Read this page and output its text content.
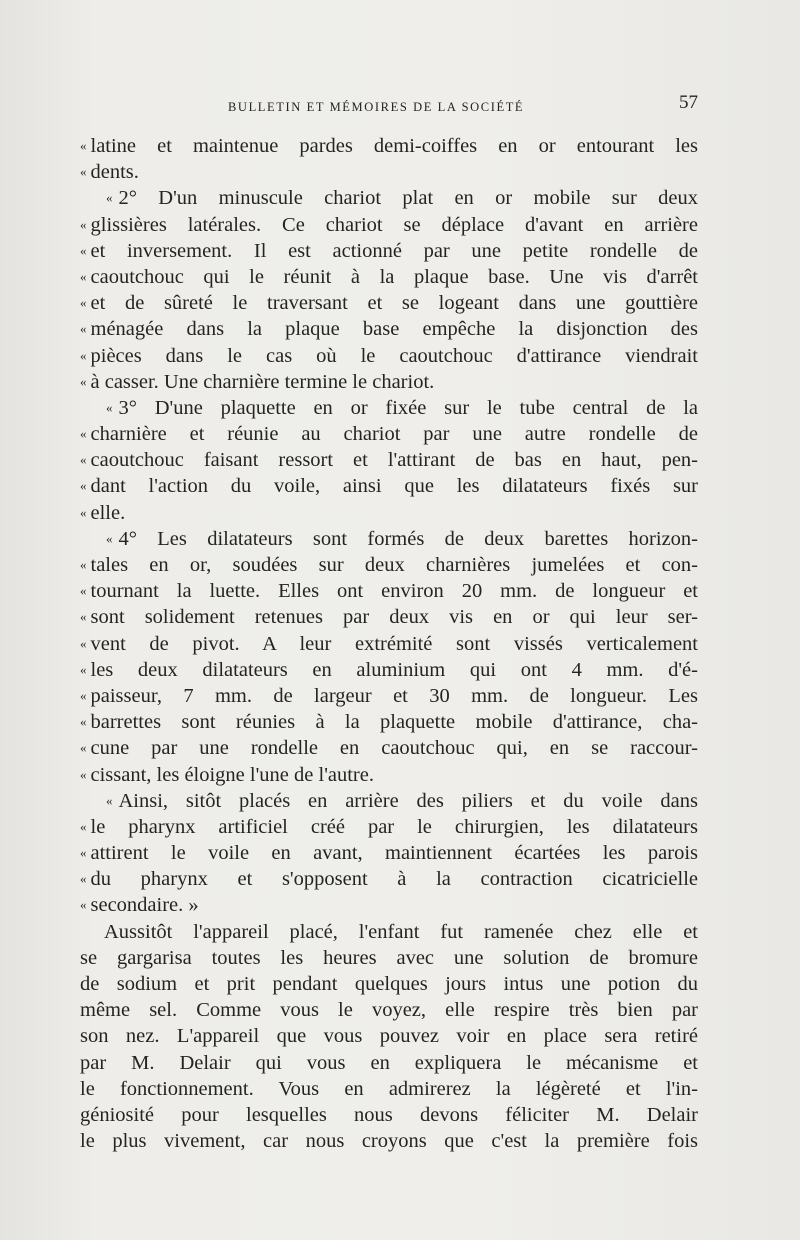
BULLETIN ET MÉMOIRES DE LA SOCIÉTÉ	57
« latine et maintenue pardes demi-coiffes en or entourant les
« dents.
« 2° D'un minuscule chariot plat en or mobile sur deux
« glissières latérales. Ce chariot se déplace d'avant en arrière
« et inversement. Il est actionné par une petite rondelle de
« caoutchouc qui le réunit à la plaque base. Une vis d'arrêt
« et de sûreté le traversant et se logeant dans une gouttière
« ménagée dans la plaque base empêche la disjonction des
« pièces dans le cas où le caoutchouc d'attirance viendrait
« à casser. Une charnière termine le chariot.
« 3° D'une plaquette en or fixée sur le tube central de la
« charnière et réunie au chariot par une autre rondelle de
« caoutchouc faisant ressort et l'attirant de bas en haut, pen-
« dant l'action du voile, ainsi que les dilatateurs fixés sur
« elle.
« 4° Les dilatateurs sont formés de deux barettes horizon-
« tales en or, soudées sur deux charnières jumelées et con-
« tournant la luette. Elles ont environ 20 mm. de longueur et
« sont solidement retenues par deux vis en or qui leur ser-
« vent de pivot. A leur extrémité sont vissés verticalement
« les deux dilatateurs en aluminium qui ont 4 mm. d'é-
« paisseur, 7 mm. de largeur et 30 mm. de longueur. Les
« barrettes sont réunies à la plaquette mobile d'attirance, cha-
« cune par une rondelle en caoutchouc qui, en se raccour-
« cissant, les éloigne l'une de l'autre.
« Ainsi, sitôt placés en arrière des piliers et du voile dans
« le pharynx artificiel créé par le chirurgien, les dilatateurs
« attirent le voile en avant, maintiennent écartées les parois
« du pharynx et s'opposent à la contraction cicatricielle
« secondaire. »
Aussitôt l'appareil placé, l'enfant fut ramenée chez elle et
se gargarisa toutes les heures avec une solution de bromure
de sodium et prit pendant quelques jours intus une potion du
même sel. Comme vous le voyez, elle respire très bien par
son nez. L'appareil que vous pouvez voir en place sera retiré
par M. Delair qui vous en expliquera le mécanisme et
le fonctionnement. Vous en admirerez la légèreté et l'in-
géniosité pour lesquelles nous devons féliciter M. Delair
le plus vivement, car nous croyons que c'est la première fois
